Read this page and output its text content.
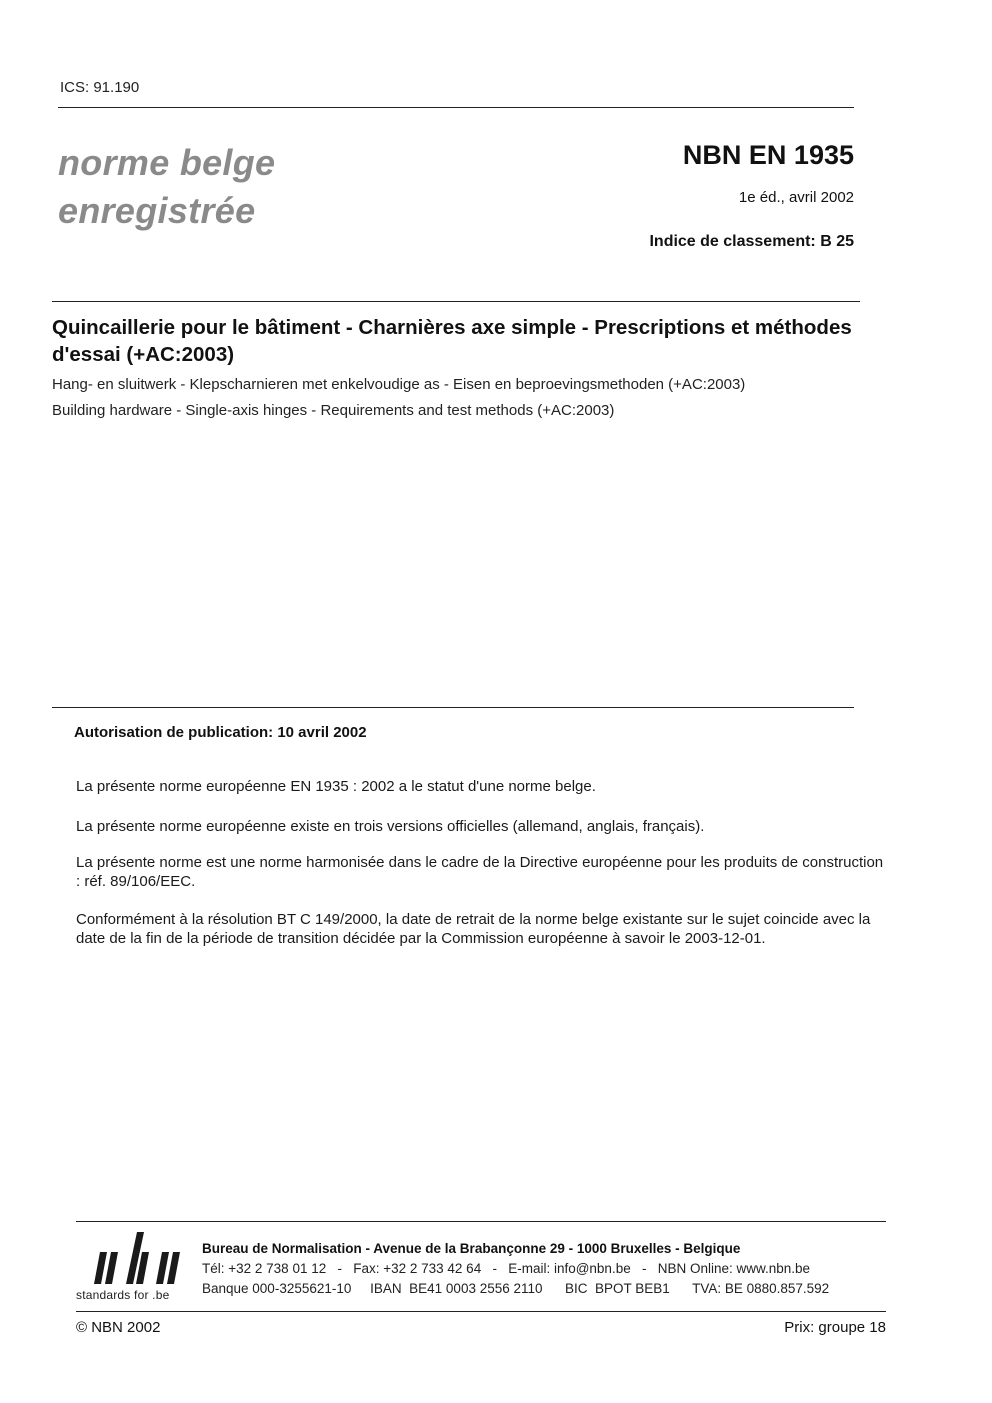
ICS: 91.190
norme belge
enregistrée
NBN EN 1935
1e éd., avril 2002
Indice de classement: B 25
Quincaillerie pour le bâtiment - Charnières axe simple - Prescriptions et méthodes d'essai (+AC:2003)
Hang- en sluitwerk - Klepscharnieren met enkelvoudige as - Eisen en beproevingsmethoden (+AC:2003)
Building hardware - Single-axis hinges - Requirements and test methods (+AC:2003)
Autorisation de publication: 10 avril 2002
La présente norme européenne EN 1935 : 2002 a le statut d'une norme belge.
La présente norme européenne existe en trois versions officielles (allemand, anglais, français).
La présente norme est une norme harmonisée dans le cadre de la Directive européenne pour les produits de construction : réf. 89/106/EEC.
Conformément à la résolution BT C 149/2000, la date de retrait de la norme belge existante sur le sujet coincide avec la date de la fin de la période de transition décidée par la Commission européenne à savoir le 2003-12-01.
standards for .be
Bureau de Normalisation - Avenue de la Brabançonne 29 - 1000 Bruxelles - Belgique
Tél: +32 2 738 01 12   -   Fax: +32 2 733 42 64   -   E-mail: info@nbn.be   -   NBN Online: www.nbn.be
Banque 000-3255621-10     IBAN  BE41 0003 2556 2110      BIC  BPOT BEB1      TVA: BE 0880.857.592
© NBN 2002	Prix: groupe 18
